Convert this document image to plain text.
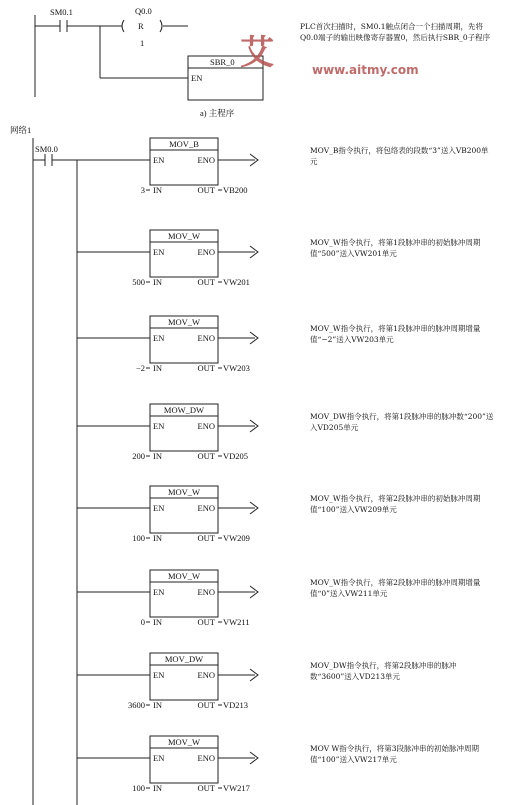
SM0.1	Q0.0
R
1
SBR_0
EN
a) 主程序
网络1
SM0.0	MOV_B
EN	ENO
IN	OUT
3	VB200
MOV_W
EN	ENO
IN	OUT
500	VW201
MOV_W
EN	ENO
IN	OUT
−2	VW203
MOW_DW
EN	ENO
IN	OUT
200	VD205
MOV_W
EN	ENO
IN	OUT
100	VW209
MOV_W
EN	ENO
IN	OUT
0	VW211
MOV_DW
EN	ENO
IN	OUT
3600	VD213
MOV_W
EN	ENO
IN	OUT
100	VW217
PLC首次扫描时，SM0.1触点闭合一个扫描周期，先将Q0.0端子的输出映像寄存器置0，然后执行SBR_0子程序
MOV_B指令执行，将包络表的段数“3”送入VB200单元
MOV_W指令执行，将第1段脉冲串的初始脉冲周期值“500”送入VW201单元
MOV_W指令执行，将第1段脉冲串的脉冲周期增量值“−2”送入VW203单元
MOV_DW指令执行，将第1段脉冲串的脉冲数“200”送入VD205单元
MOV_W指令执行，将第2段脉冲串的初始脉冲周期值“100”送入VW209单元
MOV_W指令执行，将第2段脉冲串的脉冲周期增量值“0”送入VW211单元
MOV_DW指令执行，将第2段脉冲串的脉冲数“3600”送入VD213单元
MOV W指令执行，将第3段脉冲串的初始脉冲周期值“100”送入VW217单元
艾	www.aitmy.com
